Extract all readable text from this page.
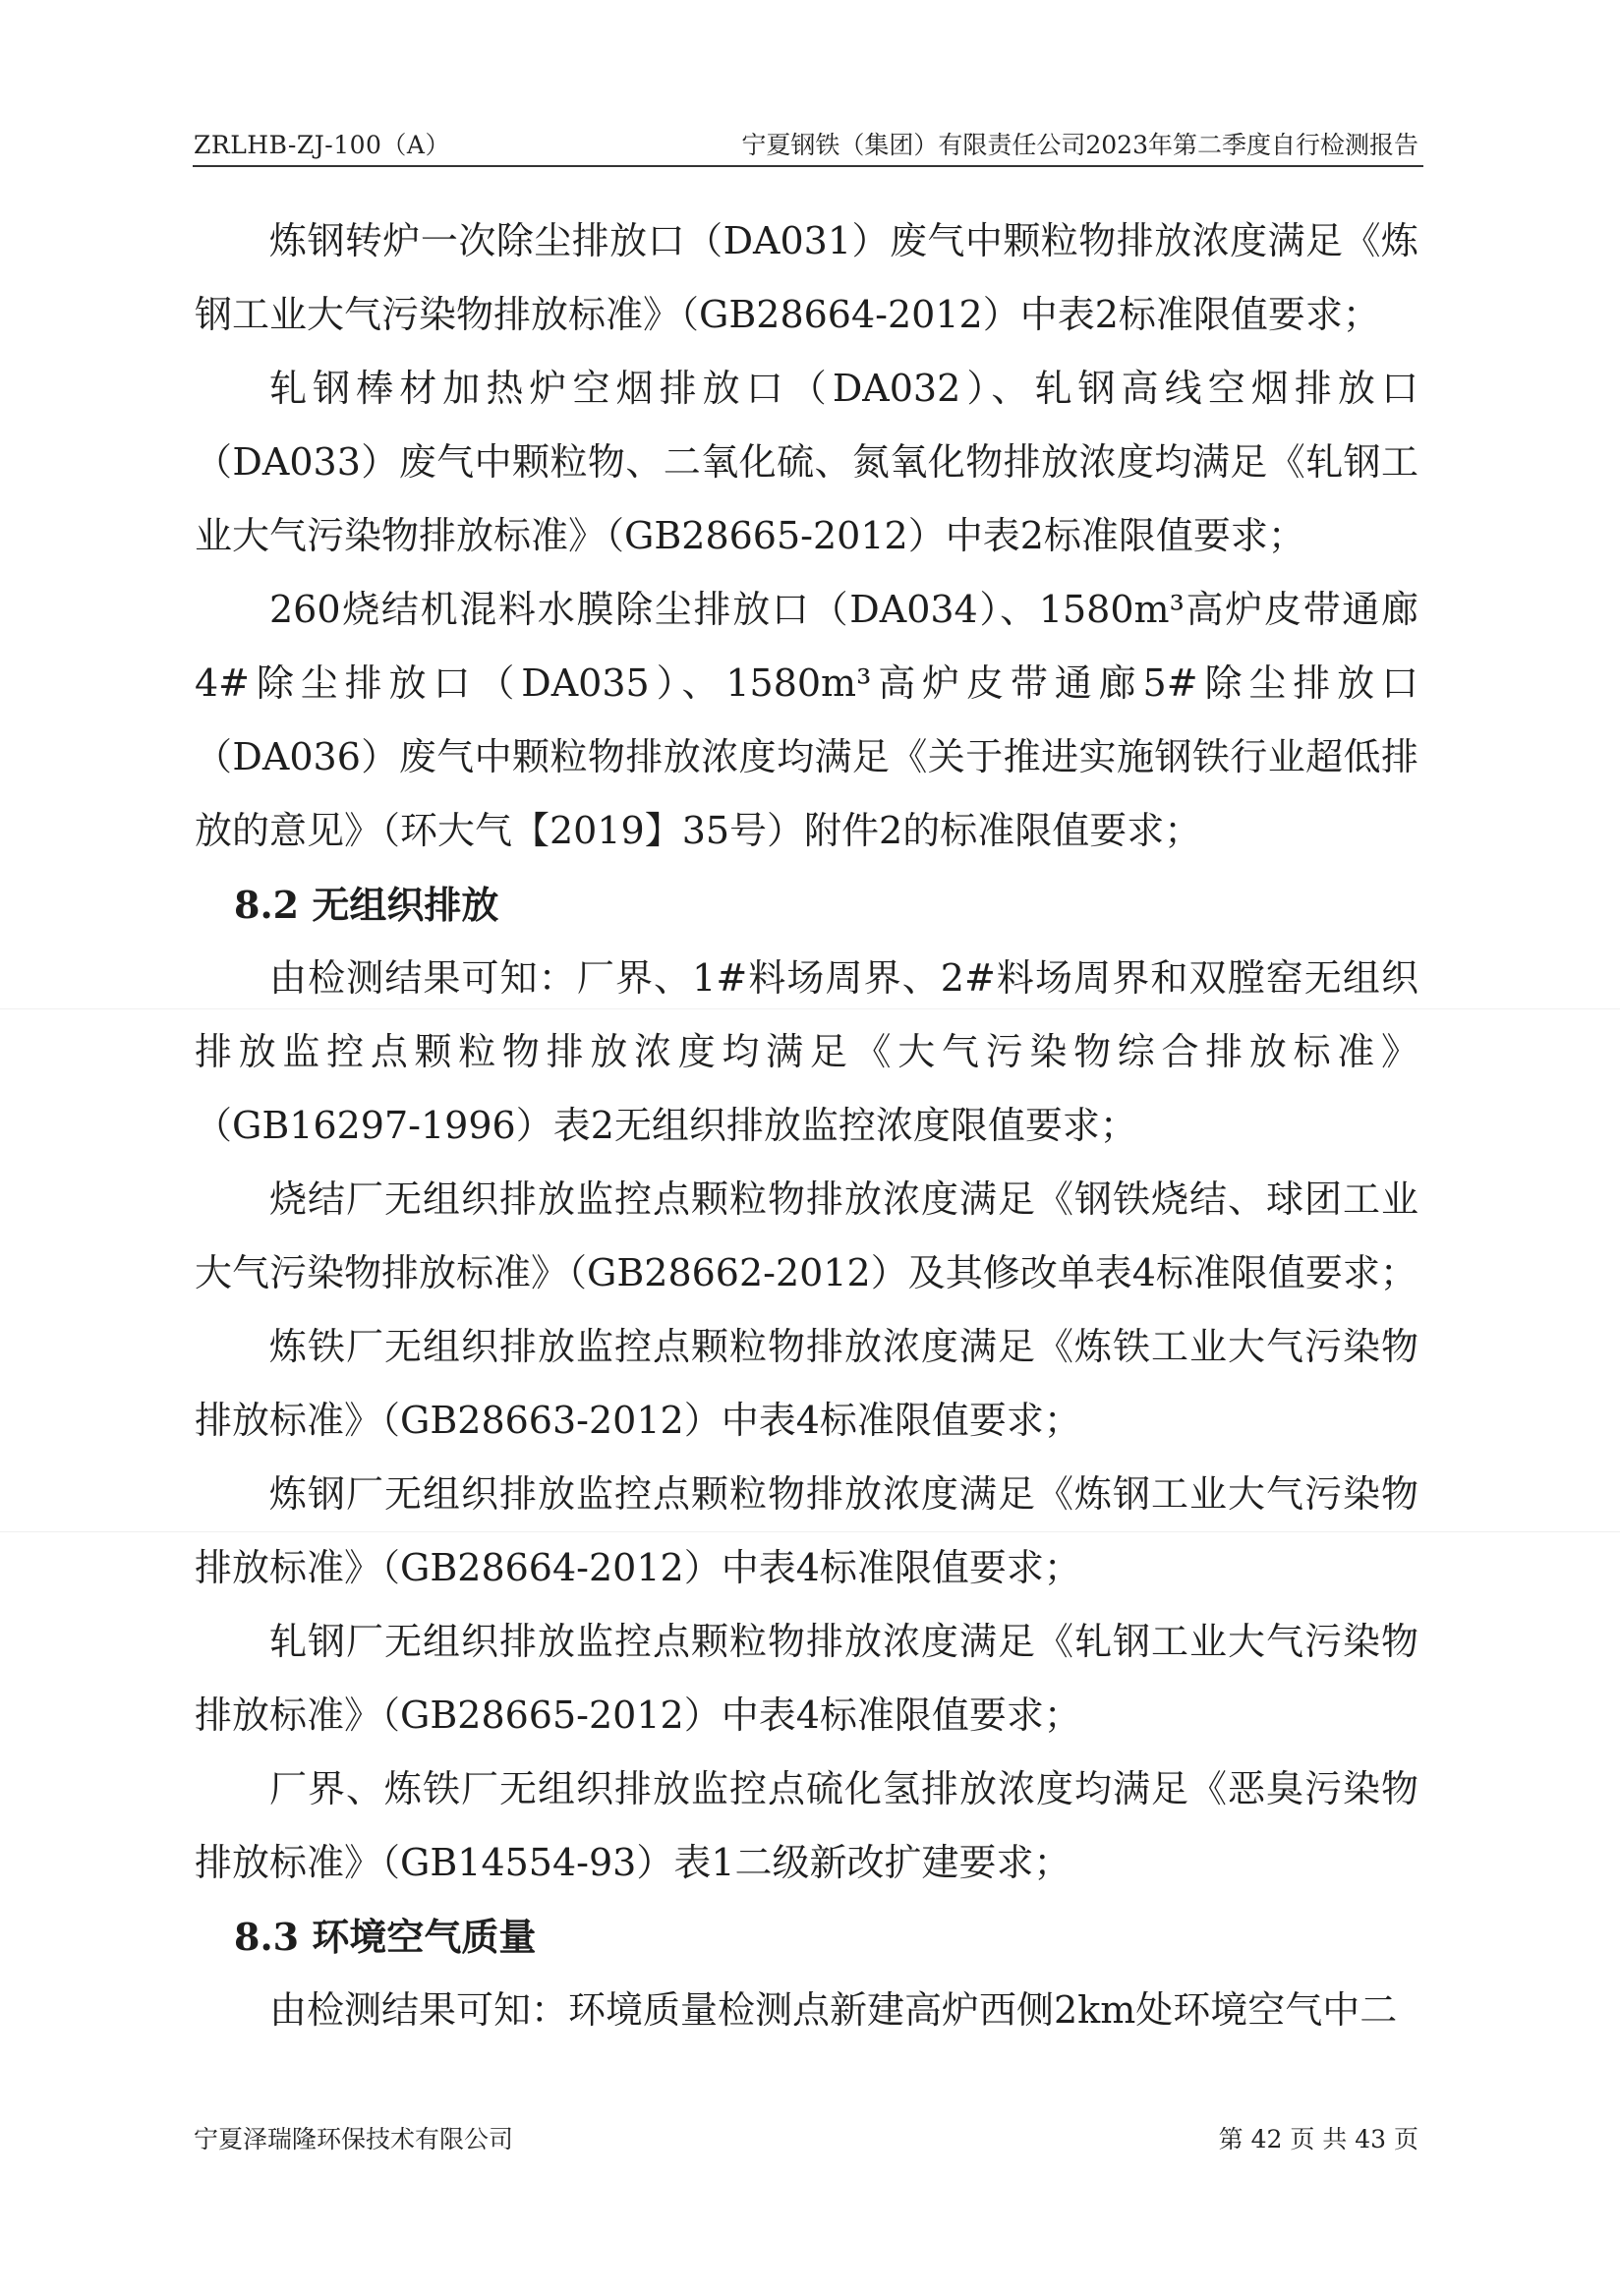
ZRLHB-ZJ-100（A）	宁夏钢铁（集团）有限责任公司2023年第二季度自行检测报告

炼钢转炉一次除尘排放口（DA031）废气中颗粒物排放浓度满足《炼钢工业大气污染物排放标准》（GB28664-2012）中表2标准限值要求；

轧钢棒材加热炉空烟排放口（DA032）、轧钢高线空烟排放口（DA033）废气中颗粒物、二氧化硫、氮氧化物排放浓度均满足《轧钢工业大气污染物排放标准》（GB28665-2012）中表2标准限值要求；

260烧结机混料水膜除尘排放口（DA034）、1580m³高炉皮带通廊4#除尘排放口（DA035）、1580m³高炉皮带通廊5#除尘排放口（DA036）废气中颗粒物排放浓度均满足《关于推进实施钢铁行业超低排放的意见》（环大气【2019】35号）附件2的标准限值要求；

8.2 无组织排放

由检测结果可知：厂界、1#料场周界、2#料场周界和双膛窑无组织排放监控点颗粒物排放浓度均满足《大气污染物综合排放标准》（GB16297-1996）表2无组织排放监控浓度限值要求；

烧结厂无组织排放监控点颗粒物排放浓度满足《钢铁烧结、球团工业大气污染物排放标准》（GB28662-2012）及其修改单表4标准限值要求；

炼铁厂无组织排放监控点颗粒物排放浓度满足《炼铁工业大气污染物排放标准》（GB28663-2012）中表4标准限值要求；

炼钢厂无组织排放监控点颗粒物排放浓度满足《炼钢工业大气污染物排放标准》（GB28664-2012）中表4标准限值要求；

轧钢厂无组织排放监控点颗粒物排放浓度满足《轧钢工业大气污染物排放标准》（GB28665-2012）中表4标准限值要求；

厂界、炼铁厂无组织排放监控点硫化氢排放浓度均满足《恶臭污染物排放标准》（GB14554-93）表1二级新改扩建要求；

8.3 环境空气质量

由检测结果可知：环境质量检测点新建高炉西侧2km处环境空气中二

宁夏泽瑞隆环保技术有限公司	第 42 页 共 43 页
